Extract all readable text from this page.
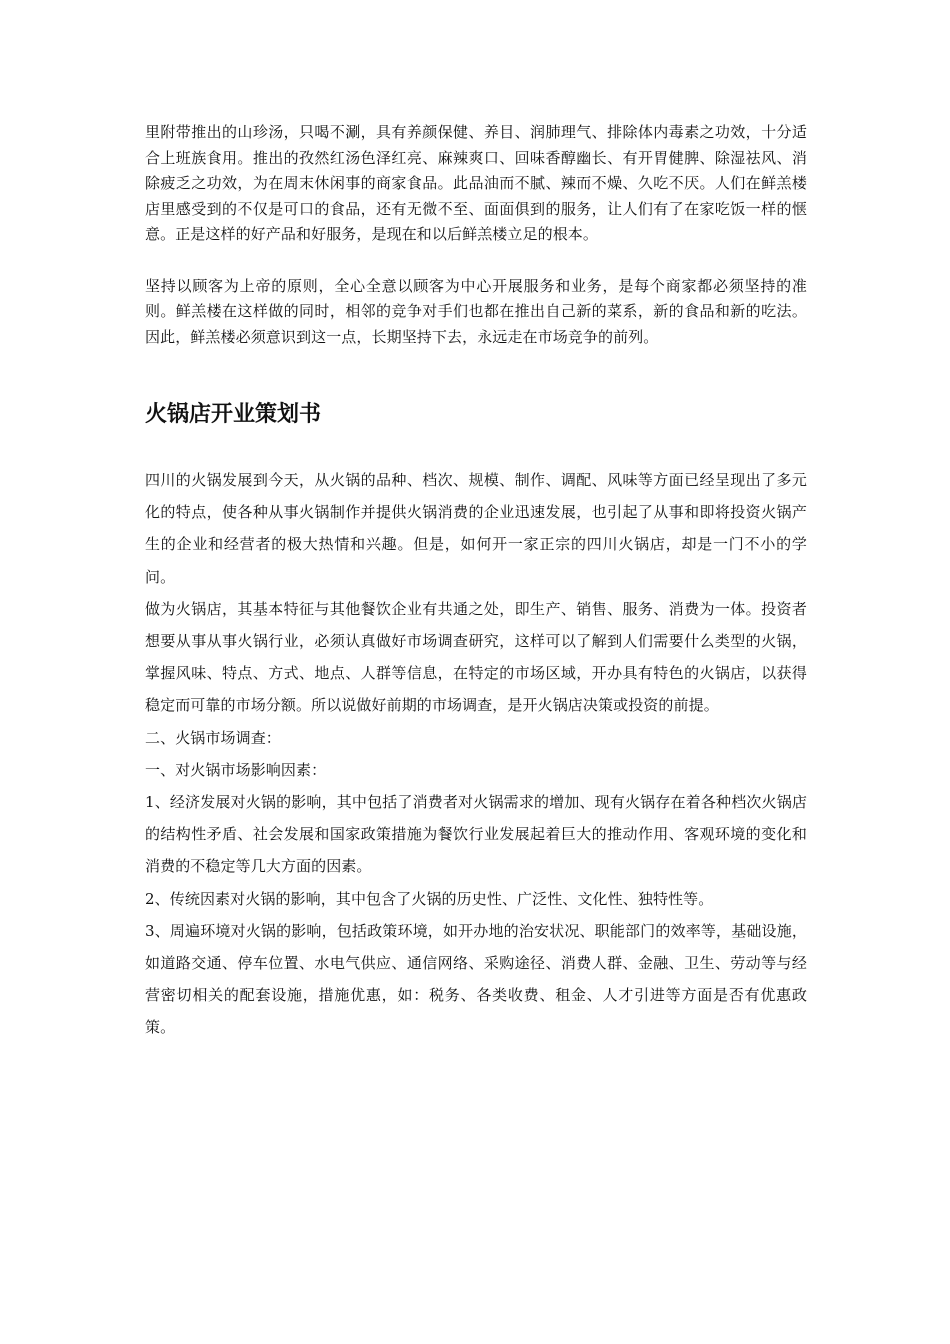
里附带推出的山珍汤，只喝不涮，具有养颜保健、养目、润肺理气、排除体内毒素之功效，十分适合上班族食用。推出的孜然红汤色泽红亮、麻辣爽口、回味香醇幽长、有开胃健脾、除湿祛风、消除疲乏之功效，为在周末休闲事的商家食品。此品油而不腻、辣而不燥、久吃不厌。人们在鲜羔楼店里感受到的不仅是可口的食品，还有无微不至、面面俱到的服务，让人们有了在家吃饭一样的惬意。正是这样的好产品和好服务，是现在和以后鲜羔楼立足的根本。

坚持以顾客为上帝的原则，全心全意以顾客为中心开展服务和业务，是每个商家都必须坚持的准则。鲜羔楼在这样做的同时，相邻的竞争对手们也都在推出自己新的菜系，新的食品和新的吃法。因此，鲜羔楼必须意识到这一点，长期坚持下去，永远走在市场竞争的前列。

火锅店开业策划书

四川的火锅发展到今天，从火锅的品种、档次、规模、制作、调配、风味等方面已经呈现出了多元化的特点，使各种从事火锅制作并提供火锅消费的企业迅速发展，也引起了从事和即将投资火锅产生的企业和经营者的极大热情和兴趣。但是，如何开一家正宗的四川火锅店，却是一门不小的学问。

做为火锅店，其基本特征与其他餐饮企业有共通之处，即生产、销售、服务、消费为一体。投资者想要从事从事火锅行业，必须认真做好市场调查研究，这样可以了解到人们需要什么类型的火锅，掌握风味、特点、方式、地点、人群等信息，在特定的市场区域，开办具有特色的火锅店，以获得稳定而可靠的市场分额。所以说做好前期的市场调查，是开火锅店决策或投资的前提。

二、火锅市场调查：

一、对火锅市场影响因素：

1、经济发展对火锅的影响，其中包括了消费者对火锅需求的增加、现有火锅存在着各种档次火锅店的结构性矛盾、社会发展和国家政策措施为餐饮行业发展起着巨大的推动作用、客观环境的变化和消费的不稳定等几大方面的因素。

2、传统因素对火锅的影响，其中包含了火锅的历史性、广泛性、文化性、独特性等。

3、周遍环境对火锅的影响，包括政策环境，如开办地的治安状况、职能部门的效率等，基础设施，如道路交通、停车位置、水电气供应、通信网络、采购途径、消费人群、金融、卫生、劳动等与经营密切相关的配套设施，措施优惠，如：税务、各类收费、租金、人才引进等方面是否有优惠政策。
